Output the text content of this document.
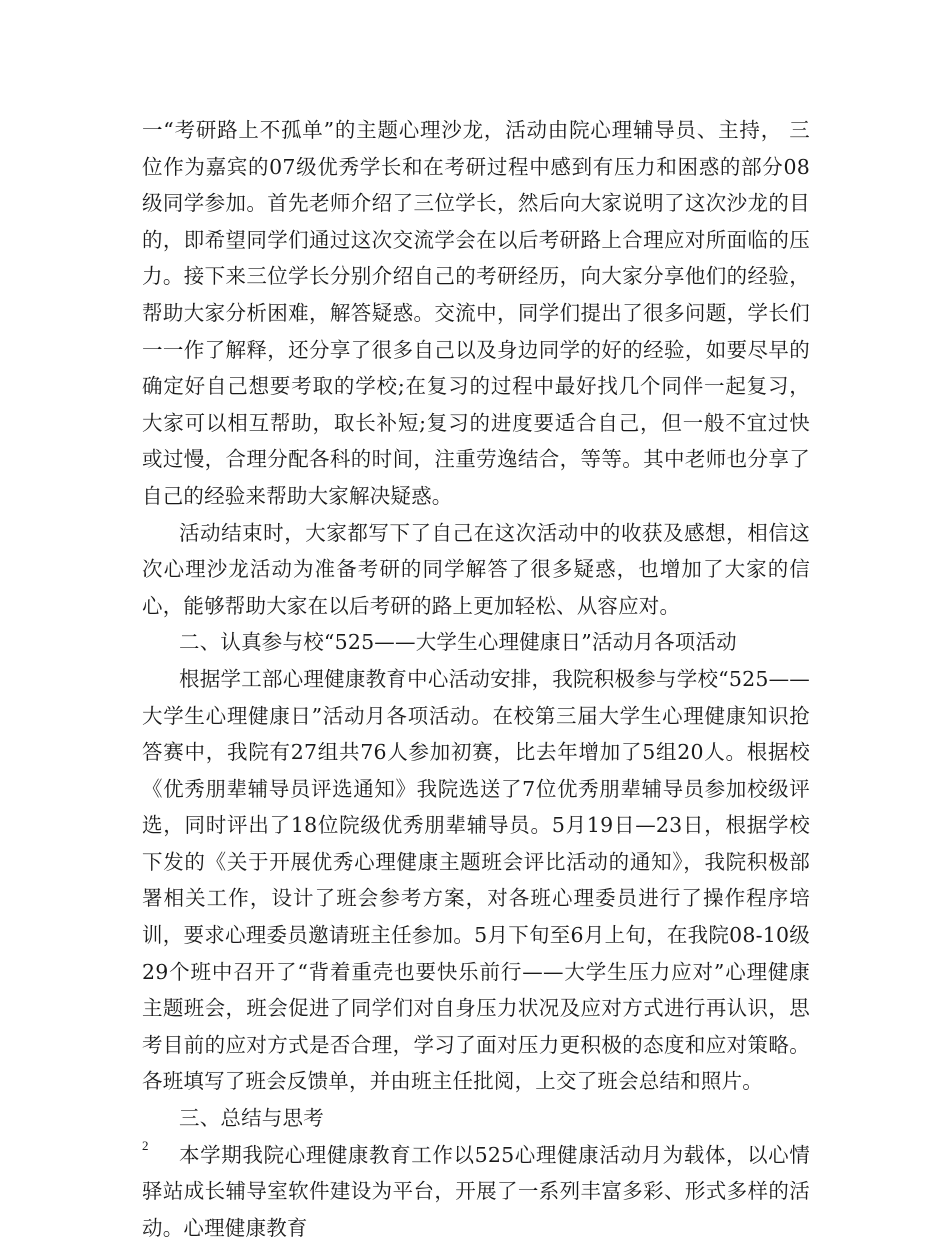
一“考研路上不孤单”的主题心理沙龙，活动由院心理辅导员、主持， 三位作为嘉宾的07级优秀学长和在考研过程中感到有压力和困惑的部分08级同学参加。首先老师介绍了三位学长，然后向大家说明了这次沙龙的目的，即希望同学们通过这次交流学会在以后考研路上合理应对所面临的压力。接下来三位学长分别介绍自己的考研经历，向大家分享他们的经验，帮助大家分析困难，解答疑惑。交流中，同学们提出了很多问题，学长们一一作了解释，还分享了很多自己以及身边同学的好的经验，如要尽早的确定好自己想要考取的学校;在复习的过程中最好找几个同伴一起复习，大家可以相互帮助，取长补短;复习的进度要适合自己，但一般不宜过快或过慢，合理分配各科的时间，注重劳逸结合，等等。其中老师也分享了自己的经验来帮助大家解决疑惑。

活动结束时，大家都写下了自己在这次活动中的收获及感想，相信这次心理沙龙活动为准备考研的同学解答了很多疑惑，也增加了大家的信心，能够帮助大家在以后考研的路上更加轻松、从容应对。

二、认真参与校“525——大学生心理健康日”活动月各项活动

根据学工部心理健康教育中心活动安排，我院积极参与学校“525——大学生心理健康日”活动月各项活动。在校第三届大学生心理健康知识抢答赛中，我院有27组共76人参加初赛，比去年增加了5组20人。根据校《优秀朋辈辅导员评选通知》我院选送了7位优秀朋辈辅导员参加校级评选，同时评出了18位院级优秀朋辈辅导员。5月19日—23日，根据学校下发的《关于开展优秀心理健康主题班会评比活动的通知》，我院积极部署相关工作，设计了班会参考方案，对各班心理委员进行了操作程序培训，要求心理委员邀请班主任参加。5月下旬至6月上旬，在我院08-10级29个班中召开了“背着重壳也要快乐前行——大学生压力应对”心理健康主题班会，班会促进了同学们对自身压力状况及应对方式进行再认识，思考目前的应对方式是否合理，学习了面对压力更积极的态度和应对策略。各班填写了班会反馈单，并由班主任批阅，上交了班会总结和照片。

三、总结与思考

本学期我院心理健康教育工作以525心理健康活动月为载体，以心情驿站成长辅导室软件建设为平台，开展了一系列丰富多彩、形式多样的活动。心理健康教育

2
